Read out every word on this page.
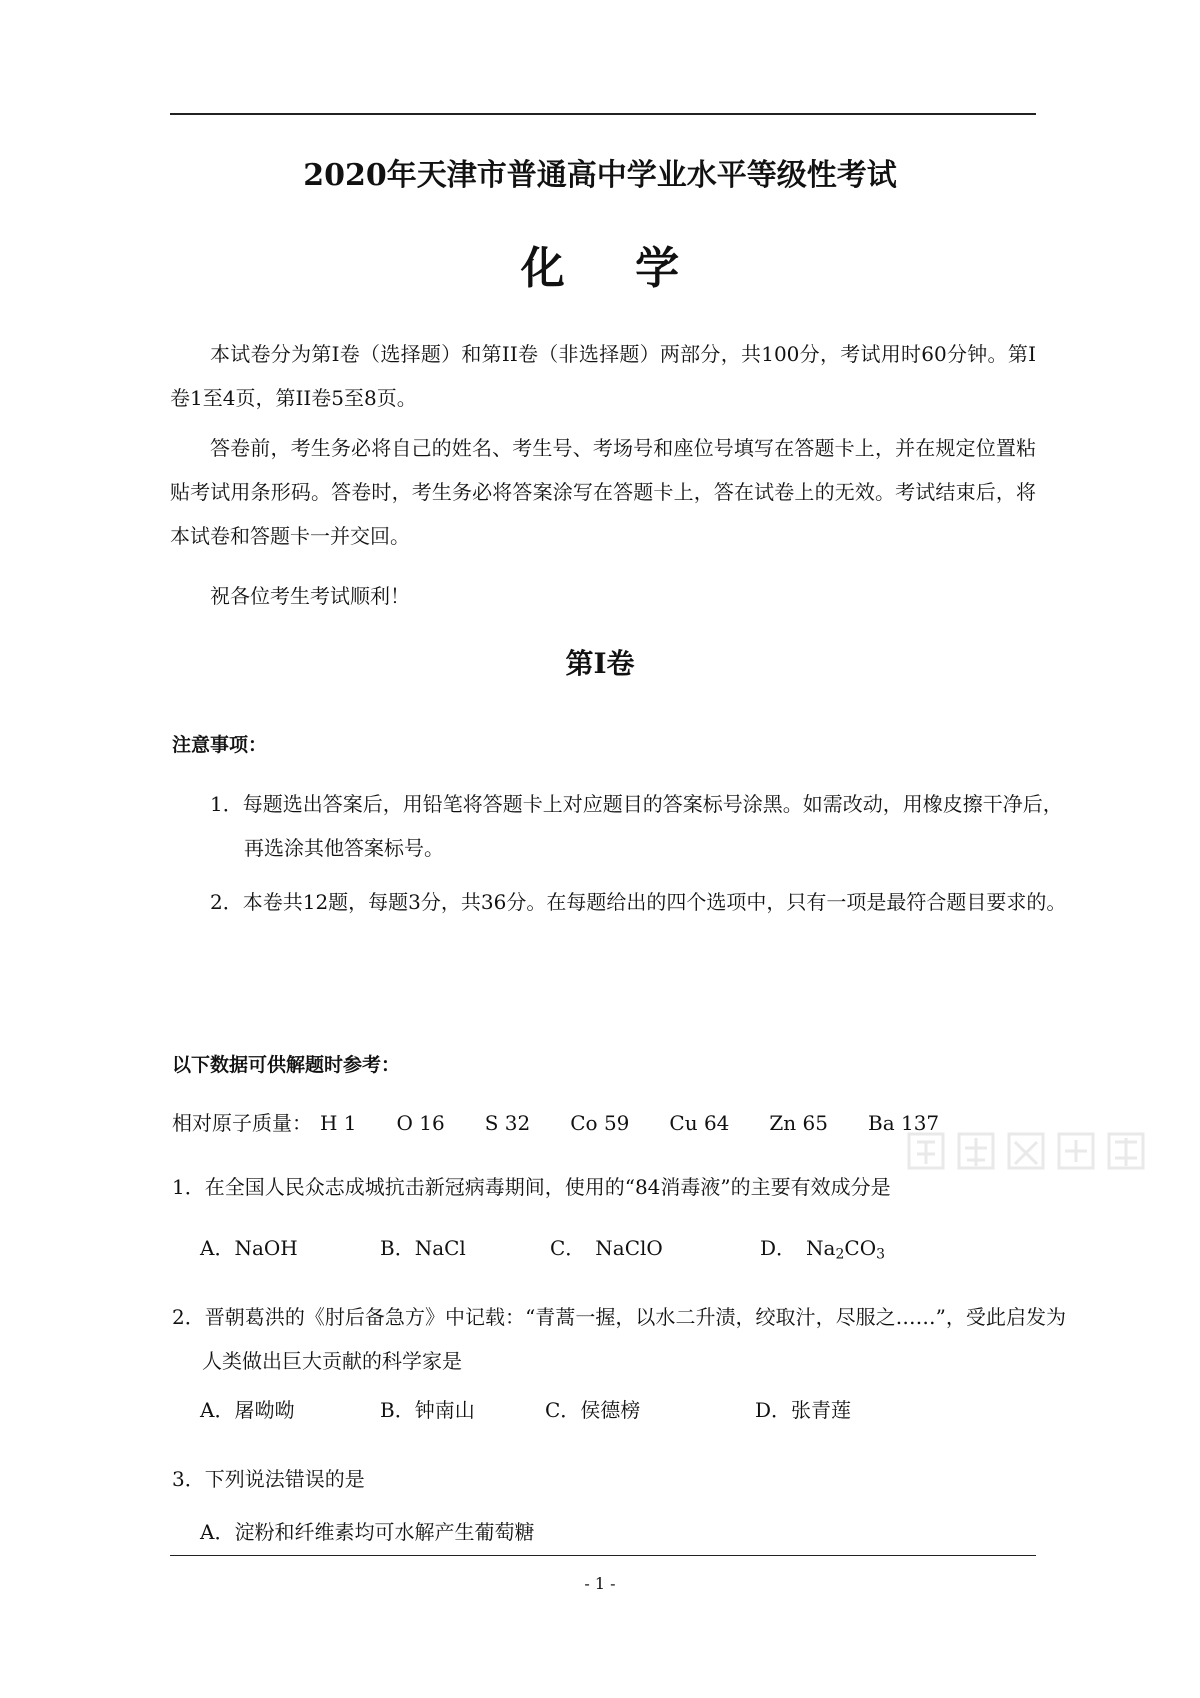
2020年天津市普通高中学业水平等级性考试
化学
本试卷分为第I卷（选择题）和第II卷（非选择题）两部分，共100分，考试用时60分钟。第I卷1至4页，第II卷5至8页。
答卷前，考生务必将自己的姓名、考生号、考场号和座位号填写在答题卡上，并在规定位置粘贴考试用条形码。答卷时，考生务必将答案涂写在答题卡上，答在试卷上的无效。考试结束后，将本试卷和答题卡一并交回。
祝各位考生考试顺利！
第I卷
注意事项：
1．每题选出答案后，用铅笔将答题卡上对应题目的答案标号涂黑。如需改动，用橡皮擦干净后，再选涂其他答案标号。
2．本卷共12题，每题3分，共36分。在每题给出的四个选项中，只有一项是最符合题目要求的。
以下数据可供解题时参考：
相对原子质量： H 1 O 16 S 32 Co 59 Cu 64 Zn 65 Ba 137
1．在全国人民众志成城抗击新冠病毒期间，使用的“84消毒液”的主要有效成分是
A．NaOH	B．NaCl	C．　NaClO	D．　$Na_2CO_3$
2．晋朝葛洪的《肘后备急方》中记载：“青蒿一握，以水二升渍，绞取汁，尽服之……”，受此启发为人类做出巨大贡献的科学家是
A．屠呦呦	B．钟南山	C．侯德榜	D．张青莲
3．下列说法错误的是
A．淀粉和纤维素均可水解产生葡萄糖
- 1 -
